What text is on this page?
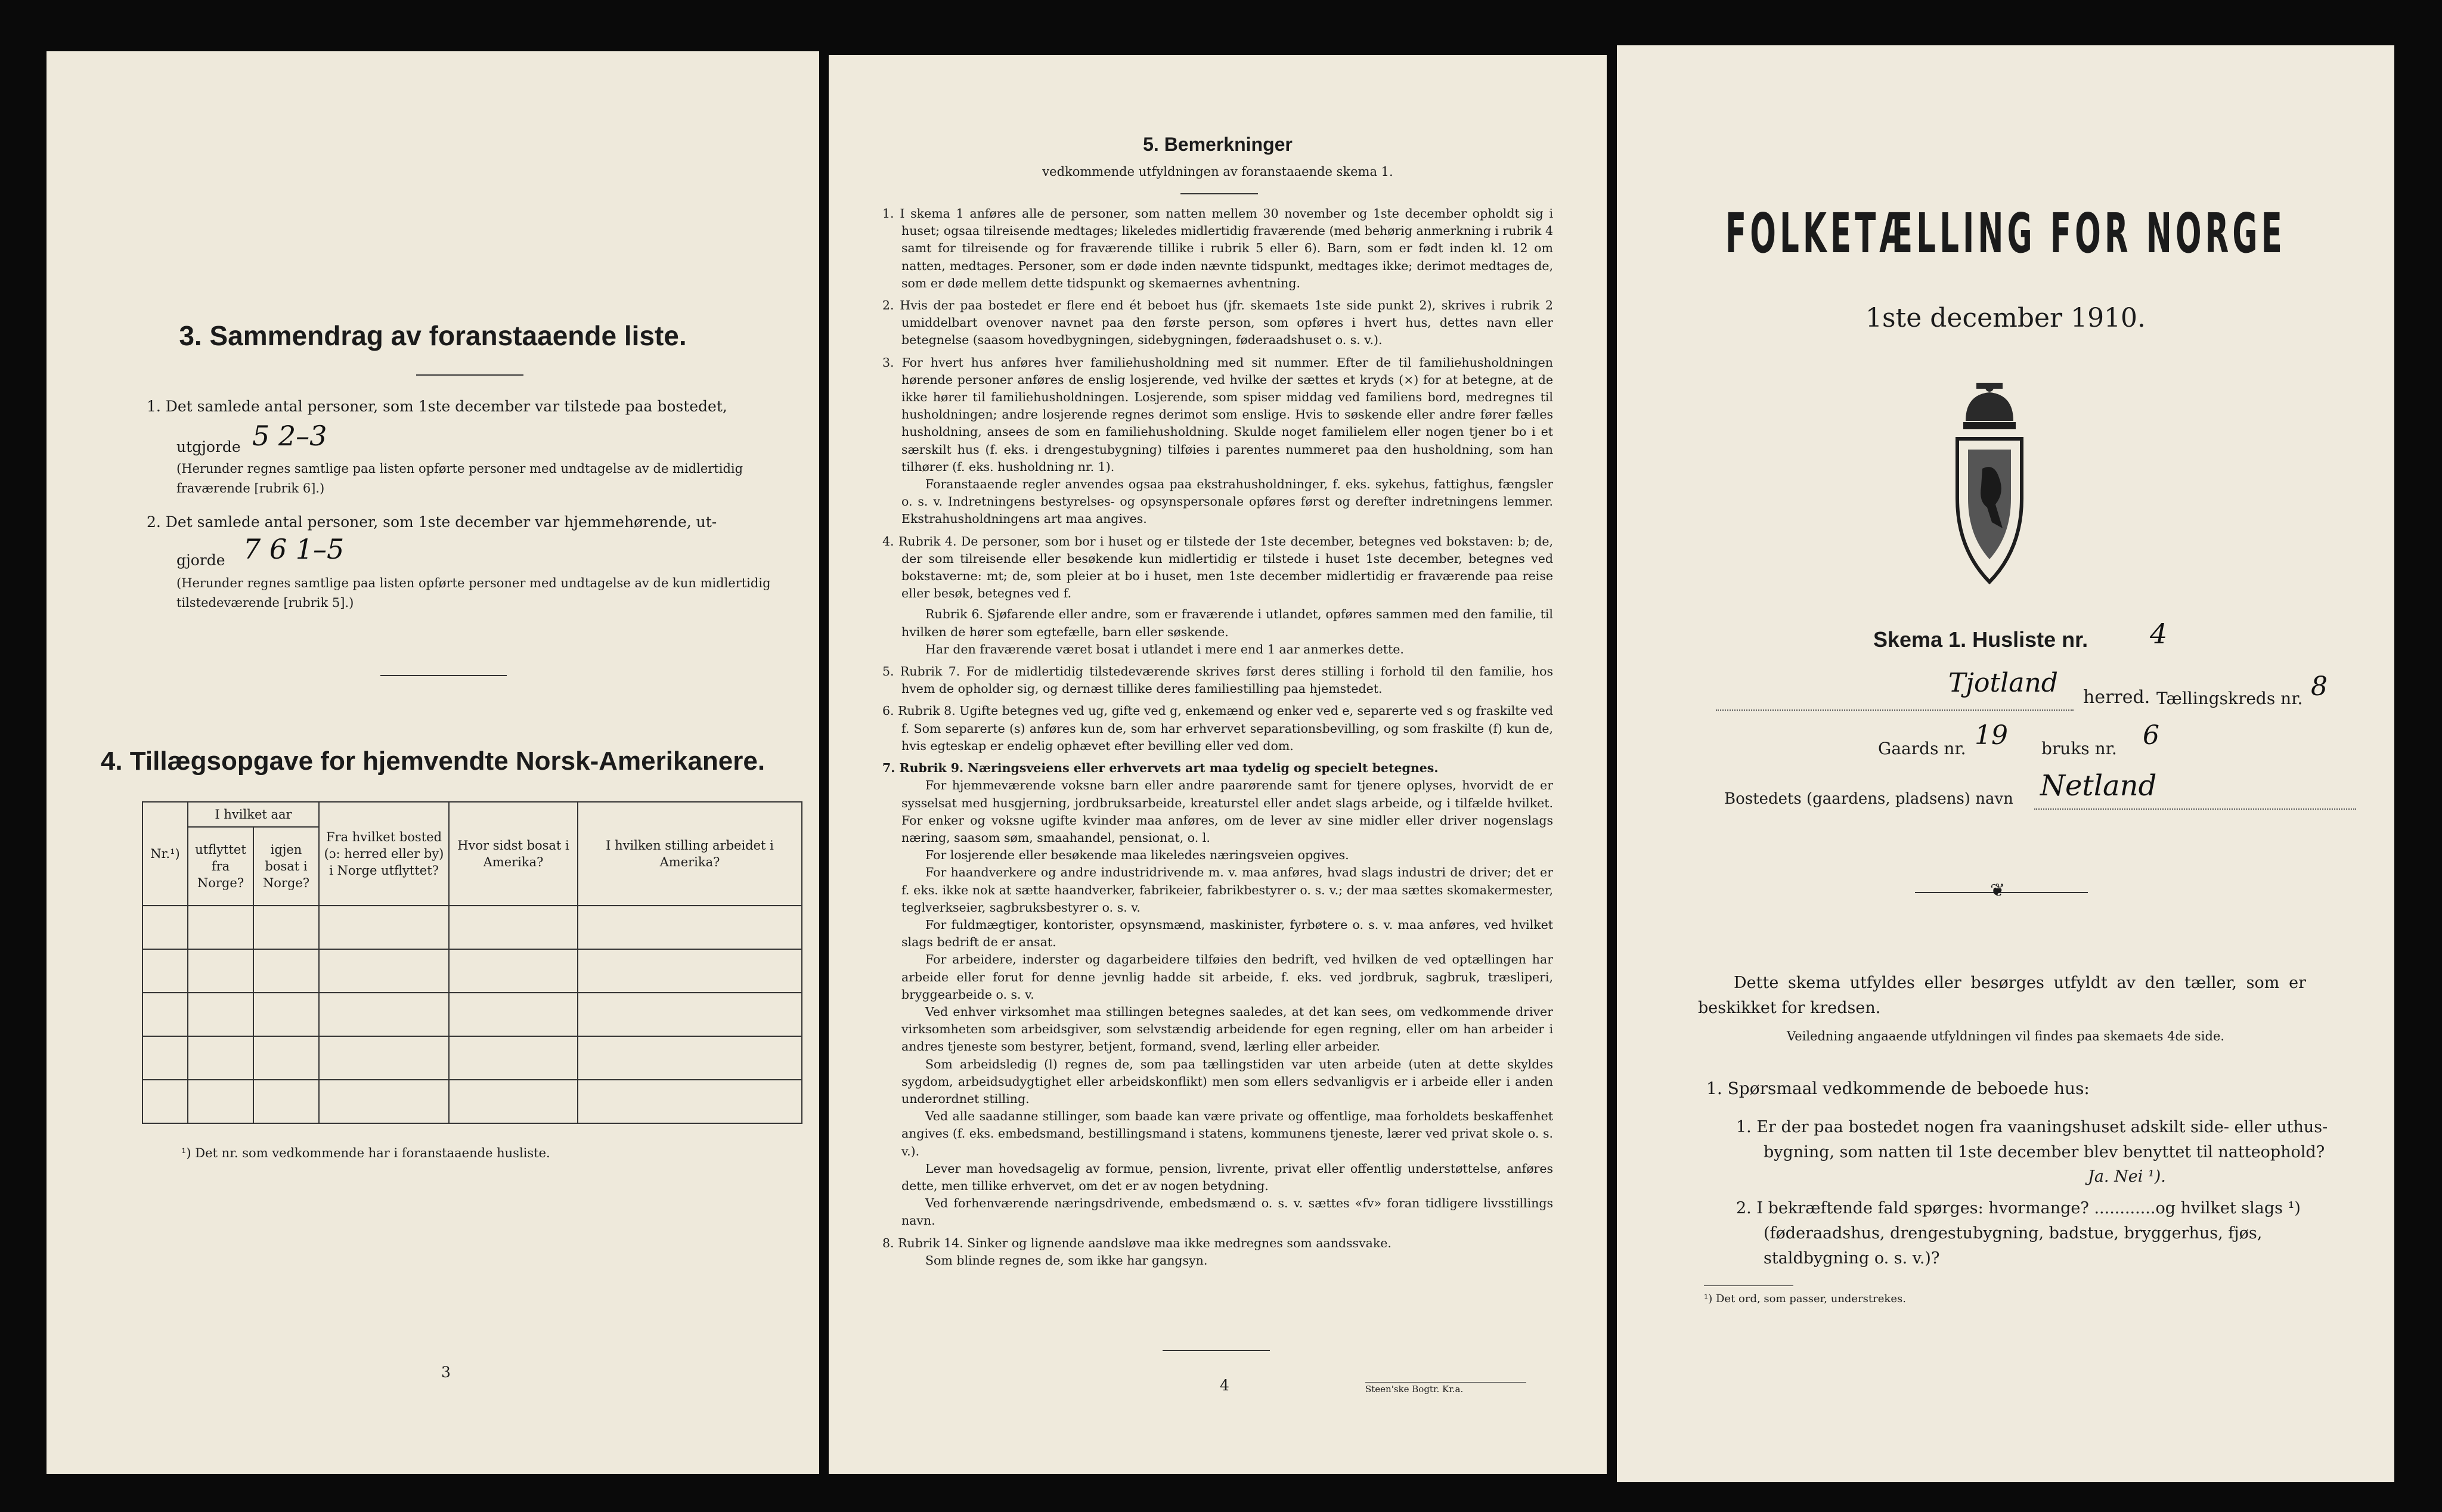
3. Sammendrag av foranstaaende liste.
1. Det samlede antal personer, som 1ste december var tilstede paa bostedet,
utgjorde 5 2–3
(Herunder regnes samtlige paa listen opførte personer med undtagelse av de midlertidig fraværende [rubrik 6].)
2. Det samlede antal personer, som 1ste december var hjemmehørende, ut-
gjorde 7 6 1–5
(Herunder regnes samtlige paa listen opførte personer med undtagelse av de kun midlertidig tilstedeværende [rubrik 5].)
4. Tillægsopgave for hjemvendte Norsk-Amerikanere.
Nr.¹)	I hvilket aar		Fra hvilket bosted (ɔ: herred eller by) i Norge utflyttet?	Hvor sidst bosat i Amerika?	I hvilken stilling arbeidet i Amerika?
	utflyttet fra Norge?	igjen bosat i Norge?			

¹) Det nr. som vedkommende har i foranstaaende husliste.
3
5. Bemerkninger
vedkommende utfyldningen av foranstaaende skema 1.

1. I skema 1 anføres alle de personer, som natten mellem 30 november og 1ste december opholdt sig i huset; ogsaa tilreisende medtages; likeledes midlertidig fraværende (med behørig anmerkning i rubrik 4 samt for tilreisende og for fraværende tillike i rubrik 5 eller 6). Barn, som er født inden kl. 12 om natten, medtages. Personer, som er døde inden nævnte tidspunkt, medtages ikke; derimot medtages de, som er døde mellem dette tidspunkt og skemaernes avhentning.

2. Hvis der paa bostedet er flere end ét beboet hus (jfr. skemaets 1ste side punkt 2), skrives i rubrik 2 umiddelbart ovenover navnet paa den første person, som opføres i hvert hus, dettes navn eller betegnelse (saasom hovedbygningen, sidebygningen, føderaadshuset o. s. v.).

3. For hvert hus anføres hver familiehusholdning med sit nummer. Efter de til familiehusholdningen hørende personer anføres de enslig losjerende, ved hvilke der sættes et kryds (×) for at betegne, at de ikke hører til familiehusholdningen. Losjerende, som spiser middag ved familiens bord, medregnes til husholdningen; andre losjerende regnes derimot som enslige. Hvis to søskende eller andre fører fælles husholdning, ansees de som en familiehusholdning. Skulde noget familielem eller nogen tjener bo i et særskilt hus (f. eks. i drengestubygning) tilføies i parentes nummeret paa den husholdning, som han tilhører (f. eks. husholdning nr. 1).

Foranstaaende regler anvendes ogsaa paa ekstrahusholdninger, f. eks. sykehus, fattighus, fængsler o. s. v. Indretningens bestyrelses- og opsynspersonale opføres først og derefter indretningens lemmer. Ekstrahusholdningens art maa angives.

4. Rubrik 4. De personer, som bor i huset og er tilstede der 1ste december, betegnes ved bokstaven: b; de, der som tilreisende eller besøkende kun midlertidig er tilstede i huset 1ste december, betegnes ved bokstaverne: mt; de, som pleier at bo i huset, men 1ste december midlertidig er fraværende paa reise eller besøk, betegnes ved f.

Rubrik 6. Sjøfarende eller andre, som er fraværende i utlandet, opføres sammen med den familie, til hvilken de hører som egtefælle, barn eller søskende.

Har den fraværende været bosat i utlandet i mere end 1 aar anmerkes dette.

5. Rubrik 7. For de midlertidig tilstedeværende skrives først deres stilling i forhold til den familie, hos hvem de opholder sig, og dernæst tillike deres familiestilling paa hjemstedet.

6. Rubrik 8. Ugifte betegnes ved ug, gifte ved g, enkemænd og enker ved e, separerte ved s og fraskilte ved f. Som separerte (s) anføres kun de, som har erhvervet separationsbevilling, og som fraskilte (f) kun de, hvis egteskap er endelig ophævet efter bevilling eller ved dom.

7. Rubrik 9. Næringsveiens eller erhvervets art maa tydelig og specielt betegnes.

For hjemmeværende voksne barn eller andre paarørende samt for tjenere oplyses, hvorvidt de er sysselsat med husgjerning, jordbruksarbeide, kreaturstel eller andet slags arbeide, og i tilfælde hvilket. For enker og voksne ugifte kvinder maa anføres, om de lever av sine midler eller driver nogenslags næring, saasom søm, smaahandel, pensionat, o. l.

For losjerende eller besøkende maa likeledes næringsveien opgives.

For haandverkere og andre industridrivende m. v. maa anføres, hvad slags industri de driver; det er f. eks. ikke nok at sætte haandverker, fabrikeier, fabrikbestyrer o. s. v.; der maa sættes skomakermester, teglverkseier, sagbruksbestyrer o. s. v.

For fuldmægtiger, kontorister, opsynsmænd, maskinister, fyrbøtere o. s. v. maa anføres, ved hvilket slags bedrift de er ansat.

For arbeidere, inderster og dagarbeidere tilføies den bedrift, ved hvilken de ved optællingen har arbeide eller forut for denne jevnlig hadde sit arbeide, f. eks. ved jordbruk, sagbruk, træsliperi, bryggearbeide o. s. v.

Ved enhver virksomhet maa stillingen betegnes saaledes, at det kan sees, om vedkommende driver virksomheten som arbeidsgiver, som selvstændig arbeidende for egen regning, eller om han arbeider i andres tjeneste som bestyrer, betjent, formand, svend, lærling eller arbeider.

Som arbeidsledig (l) regnes de, som paa tællingstiden var uten arbeide (uten at dette skyldes sygdom, arbeidsudygtighet eller arbeidskonflikt) men som ellers sedvanligvis er i arbeide eller i anden underordnet stilling.

Ved alle saadanne stillinger, som baade kan være private og offentlige, maa forholdets beskaffenhet angives (f. eks. embedsmand, bestillingsmand i statens, kommunens tjeneste, lærer ved privat skole o. s. v.).

Lever man hovedsagelig av formue, pension, livrente, privat eller offentlig understøttelse, anføres dette, men tillike erhvervet, om det er av nogen betydning.

Ved forhenværende næringsdrivende, embedsmænd o. s. v. sættes «fv» foran tidligere livsstillings navn.

8. Rubrik 14. Sinker og lignende aandsløve maa ikke medregnes som aandssvake.

Som blinde regnes de, som ikke har gangsyn.

4	Steen'ske Bogtr. Kr.a.
FOLKETÆLLING FOR NORGE
1ste december 1910.
Skema 1. Husliste nr. 4
Tjotland herred. Tællingskreds nr. 8
Gaards nr. 19 bruks nr. 6
Bostedets (gaardens, pladsens) navn Netland
❦
Dette skema utfyldes eller besørges utfyldt av den tæller, som er beskikket for kredsen.
Veiledning angaaende utfyldningen vil findes paa skemaets 4de side.
1. Spørsmaal vedkommende de beboede hus:
1. Er der paa bostedet nogen fra vaaningshuset adskilt side- eller uthus-bygning, som natten til 1ste december blev benyttet til natteophold?
Ja. Nei ¹).
2. I bekræftende fald spørges: hvormange? ............og hvilket slags ¹) (føderaadshus, drengestubygning, badstue, bryggerhus, fjøs, staldbygning o. s. v.)?
¹) Det ord, som passer, understrekes.
